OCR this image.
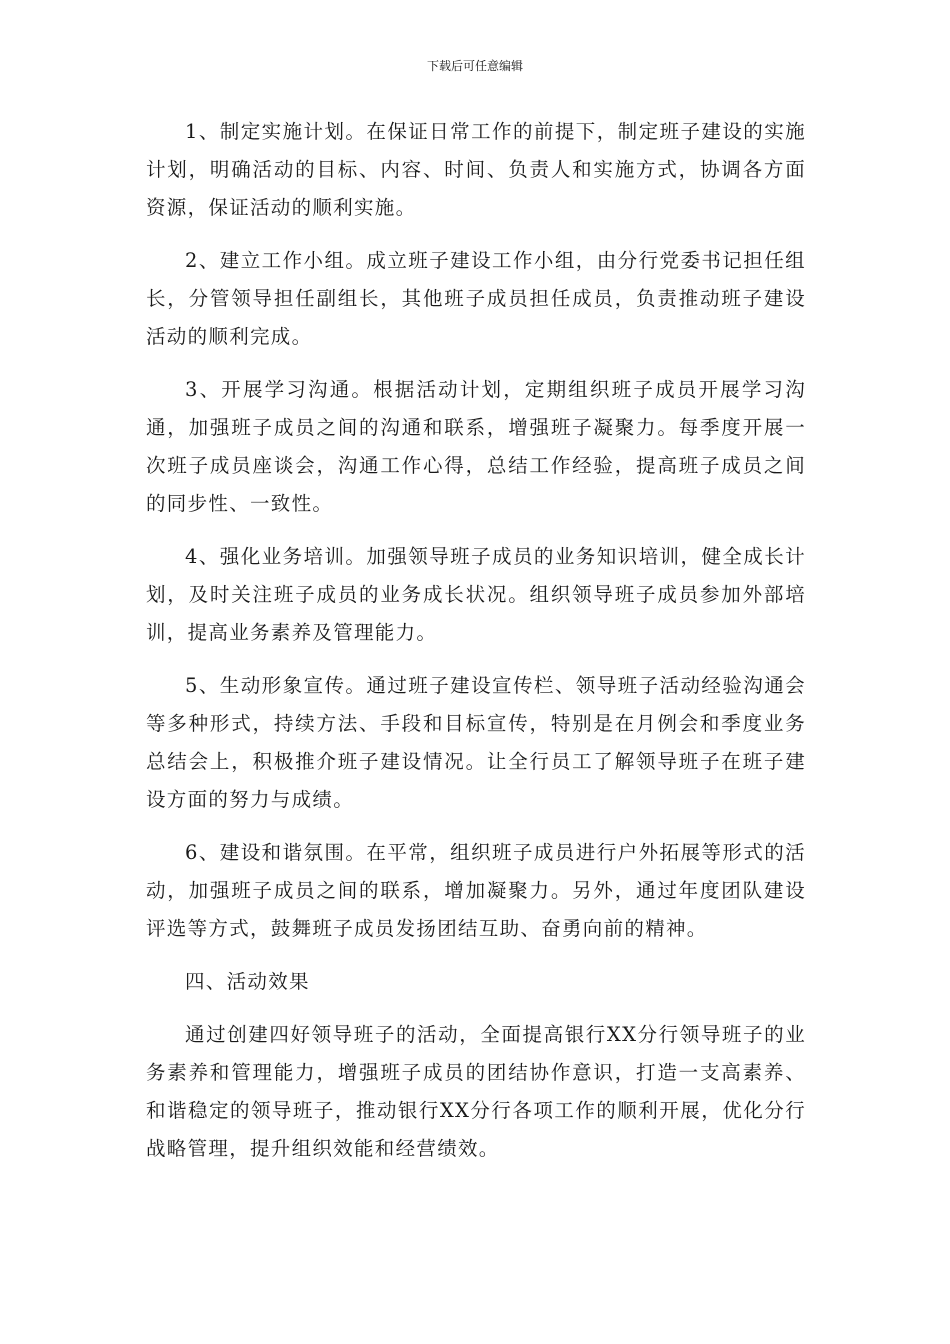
下载后可任意编辑

1、制定实施计划。在保证日常工作的前提下，制定班子建设的实施计划，明确活动的目标、内容、时间、负责人和实施方式，协调各方面资源，保证活动的顺利实施。

2、建立工作小组。成立班子建设工作小组，由分行党委书记担任组长，分管领导担任副组长，其他班子成员担任成员，负责推动班子建设活动的顺利完成。

3、开展学习沟通。根据活动计划，定期组织班子成员开展学习沟通，加强班子成员之间的沟通和联系，增强班子凝聚力。每季度开展一次班子成员座谈会，沟通工作心得，总结工作经验，提高班子成员之间的同步性、一致性。

4、强化业务培训。加强领导班子成员的业务知识培训，健全成长计划，及时关注班子成员的业务成长状况。组织领导班子成员参加外部培训，提高业务素养及管理能力。

5、生动形象宣传。通过班子建设宣传栏、领导班子活动经验沟通会等多种形式，持续方法、手段和目标宣传，特别是在月例会和季度业务总结会上，积极推介班子建设情况。让全行员工了解领导班子在班子建设方面的努力与成绩。

6、建设和谐氛围。在平常，组织班子成员进行户外拓展等形式的活动，加强班子成员之间的联系，增加凝聚力。另外，通过年度团队建设评选等方式，鼓舞班子成员发扬团结互助、奋勇向前的精神。

四、活动效果

通过创建四好领导班子的活动，全面提高银行XX分行领导班子的业务素养和管理能力，增强班子成员的团结协作意识，打造一支高素养、和谐稳定的领导班子，推动银行XX分行各项工作的顺利开展，优化分行战略管理，提升组织效能和经营绩效。
